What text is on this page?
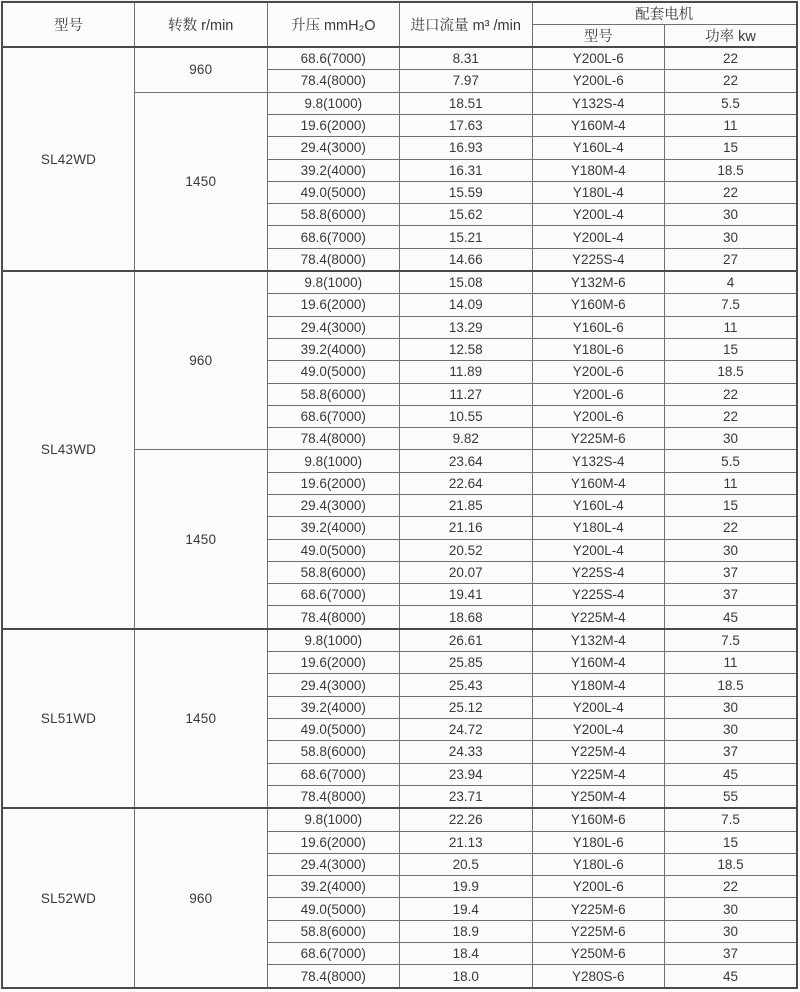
型号	转数 r/min	升压 mmH₂O	进口流量 m³ /min	配套电机	
				型号	功率 kw
SL42WD	960	68.6(7000)	8.31	Y200L-6	22
		78.4(8000)	7.97	Y200L-6	22
	1450	9.8(1000)	18.51	Y132S-4	5.5
		19.6(2000)	17.63	Y160M-4	11
		29.4(3000)	16.93	Y160L-4	15
		39.2(4000)	16.31	Y180M-4	18.5
		49.0(5000)	15.59	Y180L-4	22
		58.8(6000)	15.62	Y200L-4	30
		68.6(7000)	15.21	Y200L-4	30
		78.4(8000)	14.66	Y225S-4	27
SL43WD	960	9.8(1000)	15.08	Y132M-6	4
		19.6(2000)	14.09	Y160M-6	7.5
		29.4(3000)	13.29	Y160L-6	11
		39.2(4000)	12.58	Y180L-6	15
		49.0(5000)	11.89	Y200L-6	18.5
		58.8(6000)	11.27	Y200L-6	22
		68.6(7000)	10.55	Y200L-6	22
		78.4(8000)	9.82	Y225M-6	30
	1450	9.8(1000)	23.64	Y132S-4	5.5
		19.6(2000)	22.64	Y160M-4	11
		29.4(3000)	21.85	Y160L-4	15
		39.2(4000)	21.16	Y180L-4	22
		49.0(5000)	20.52	Y200L-4	30
		58.8(6000)	20.07	Y225S-4	37
		68.6(7000)	19.41	Y225S-4	37
		78.4(8000)	18.68	Y225M-4	45
SL51WD	1450	9.8(1000)	26.61	Y132M-4	7.5
		19.6(2000)	25.85	Y160M-4	11
		29.4(3000)	25.43	Y180M-4	18.5
		39.2(4000)	25.12	Y200L-4	30
		49.0(5000)	24.72	Y200L-4	30
		58.8(6000)	24.33	Y225M-4	37
		68.6(7000)	23.94	Y225M-4	45
		78.4(8000)	23.71	Y250M-4	55
SL52WD	960	9.8(1000)	22.26	Y160M-6	7.5
		19.6(2000)	21.13	Y180L-6	15
		29.4(3000)	20.5	Y180L-6	18.5
		39.2(4000)	19.9	Y200L-6	22
		49.0(5000)	19.4	Y225M-6	30
		58.8(6000)	18.9	Y225M-6	30
		68.6(7000)	18.4	Y250M-6	37
		78.4(8000)	18.0	Y280S-6	45
